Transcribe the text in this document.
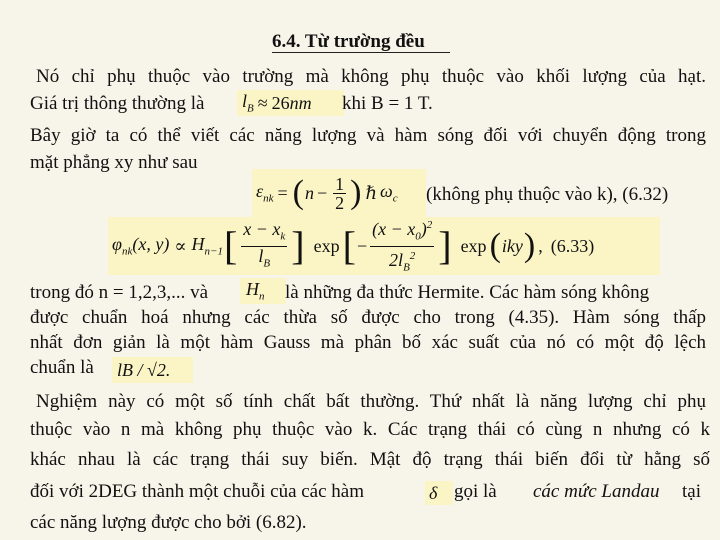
6.4. Từ trường đều
Nó chỉ phụ thuộc vào trường mà không phụ thuộc vào khối lượng của hạt.
Giá trị thông thường là $l_B \approx 26$ nm khi B = 1 T.
Bây giờ ta có thể viết các năng lượng và hàm sóng đối với chuyển động trong
mặt phẳng xy như sau
$\varepsilon_{nk}$ = ( $n - \frac{1}{2}$ ) ℏ $\omega_c$ (không phụ thuộc vào k), (6.32)
$\varphi_{nk}(x$, $y) \propto H_{n-1}$ [ $\frac{x - x_k}{l_B}$ ] exp [ − $\frac{(x - x_0)^2}{2l_B^2}$ ] exp ( iky ) , (6.33)
trong đó n = 1,2,3,... và $H_n$ là những đa thức Hermite. Các hàm sóng không
được chuẩn hoá nhưng các thừa số được cho trong (4.35). Hàm sóng thấp
nhất đơn giản là một hàm Gauss mà phân bố xác suất của nó có một độ lệch
chuẩn là lB / √2.
Nghiệm này có một số tính chất bất thường. Thứ nhất là năng lượng chỉ phụ
thuộc vào n mà không phụ thuộc vào k. Các trạng thái có cùng n nhưng có k
khác nhau là các trạng thái suy biến. Mật độ trạng thái biến đổi từ hằng số
đối với 2DEG thành một chuỗi của các hàm	δ gọi là các mức Landau tại
các năng lượng được cho bởi (6.82).
